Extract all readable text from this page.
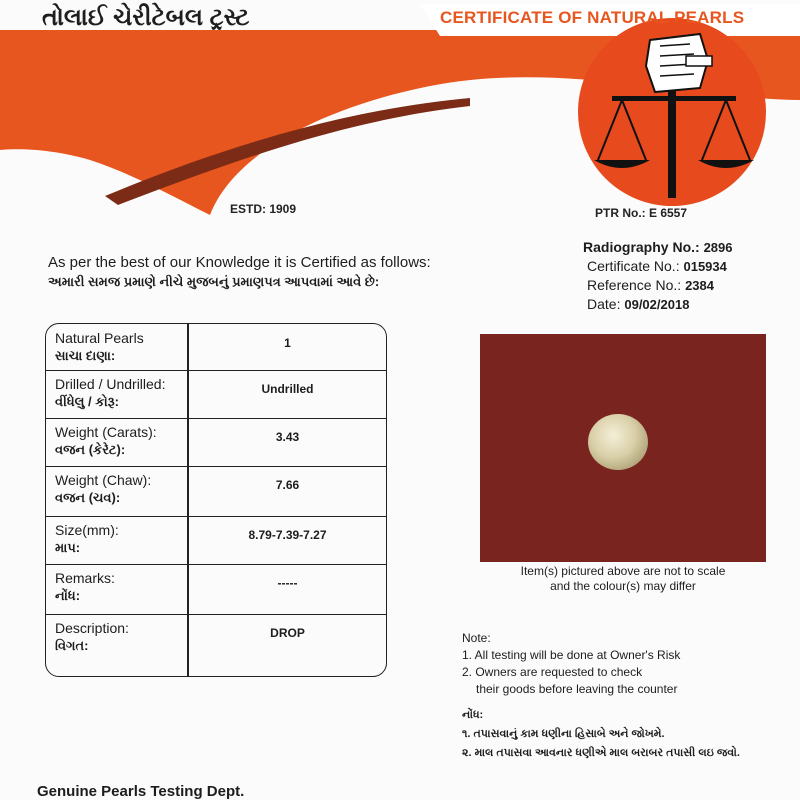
તોલાઈ ચેરીટેબલ ટ્રસ્ટ	CERTIFICATE OF NATURAL PEARLS
ESTD: 1909	PTR No.: E 6557
As per the best of our Knowledge it is Certified as follows:
અમારી સમજ પ્રમાણે નીચે મુજબનું પ્રમાણપત્ર આપવામાં આવે છે:
Radiography No.: 2896
Certificate No.: 015934
Reference No.: 2384
Date: 09/02/2018
Natural Pearls
સાચા દાણા:
1
Drilled / Undrilled:
વીંધેલુ / કોરૂ:
Undrilled
Weight (Carats):
વજન (કેરેટ):
3.43
Weight (Chaw):
વજન (ચવ):
7.66
Size(mm):
માપ:
8.79-7.39-7.27
Remarks:
નોંધ:
-----
Description:
વિગત:
DROP
Item(s) pictured above are not to scale
and the colour(s) may differ
Note:
1. All testing will be done at Owner's Risk
2. Owners are requested to check
their goods before leaving the counter
નોંધ:
૧. તપાસવાનું કામ ધણીના હિસાબે અને જોખમે.
૨. માલ તપાસવા આવનાર ધણીએ માલ બરાબર તપાસી લઇ જવો.
Genuine Pearls Testing Dept.
